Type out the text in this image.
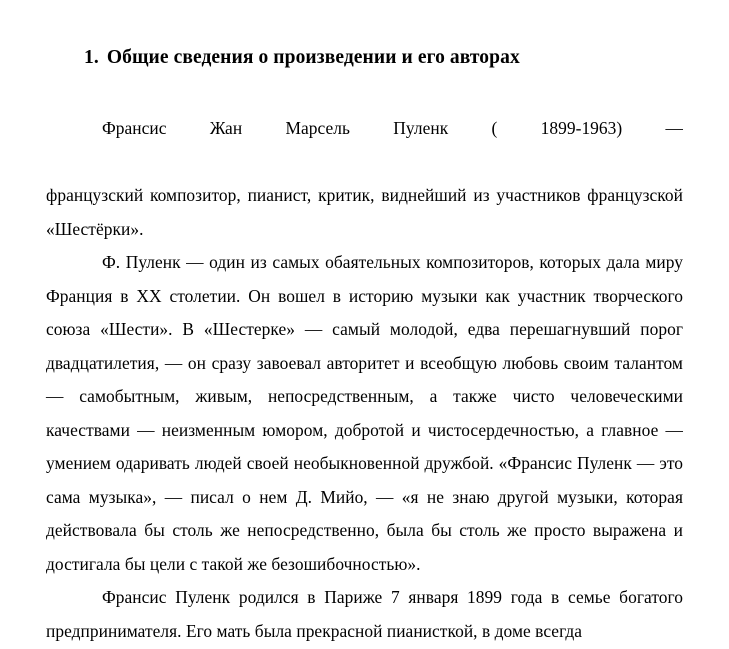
1. Общие сведения о произведении и его авторах

Франсис Жан Марсель Пуленк ( 1899-1963) —
французский композитор, пианист, критик, виднейший из участников французской «Шестёрки».

Ф. Пуленк — один из самых обаятельных композиторов, которых дала миру Франция в XX столетии. Он вошел в историю музыки как участник творческого союза «Шести». В «Шестерке» — самый молодой, едва перешагнувший порог двадцатилетия, — он сразу завоевал авторитет и всеобщую любовь своим талантом — самобытным, живым, непосредственным, а также чисто человеческими качествами — неизменным юмором, добротой и чистосердечностью, а главное — умением одаривать людей своей необыкновенной дружбой. «Франсис Пуленк — это сама музыка», — писал о нем Д. Мийо, — «я не знаю другой музыки, которая действовала бы столь же непосредственно, была бы столь же просто выражена и достигала бы цели с такой же безошибочностью».

Франсис Пуленк родился в Париже 7 января 1899 года в семье богатого предпринимателя. Его мать была прекрасной пианисткой, в доме всегда
